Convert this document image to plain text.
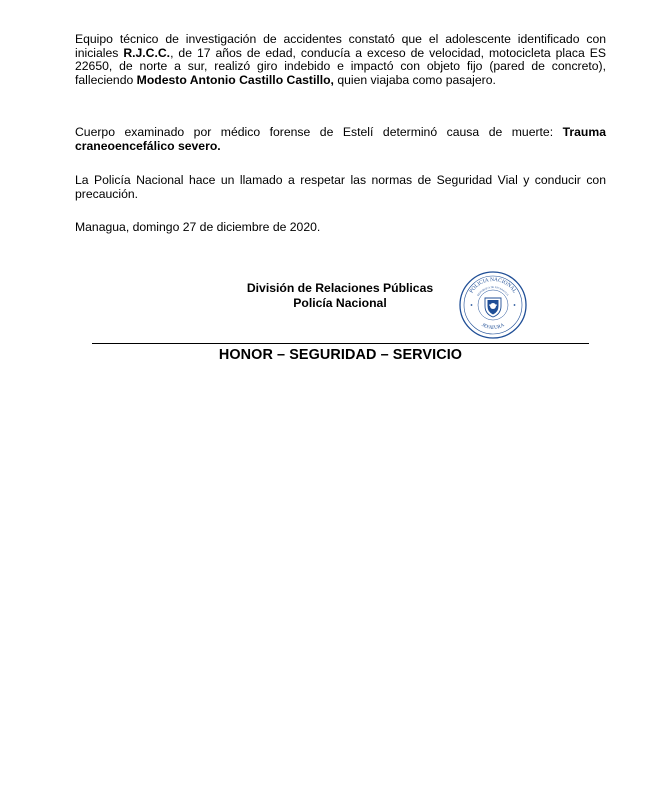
Equipo técnico de investigación de accidentes constató que el adolescente identificado con iniciales R.J.C.C., de 17 años de edad, conducía a exceso de velocidad, motocicleta placa ES 22650, de norte a sur, realizó giro indebido e impactó con objeto fijo (pared de concreto), falleciendo Modesto Antonio Castillo Castillo, quien viajaba como pasajero.

Cuerpo examinado por médico forense de Estelí determinó causa de muerte: Trauma craneoencefálico severo.

La Policía Nacional hace un llamado a respetar las normas de Seguridad Vial y conducir con precaución.

Managua, domingo 27 de diciembre de 2020.

División de Relaciones Públicas
Policía Nacional
POLICIA NACIONAL
REPUBLICA DE NICARAGUA
JEFATURA
HONOR – SEGURIDAD – SERVICIO
